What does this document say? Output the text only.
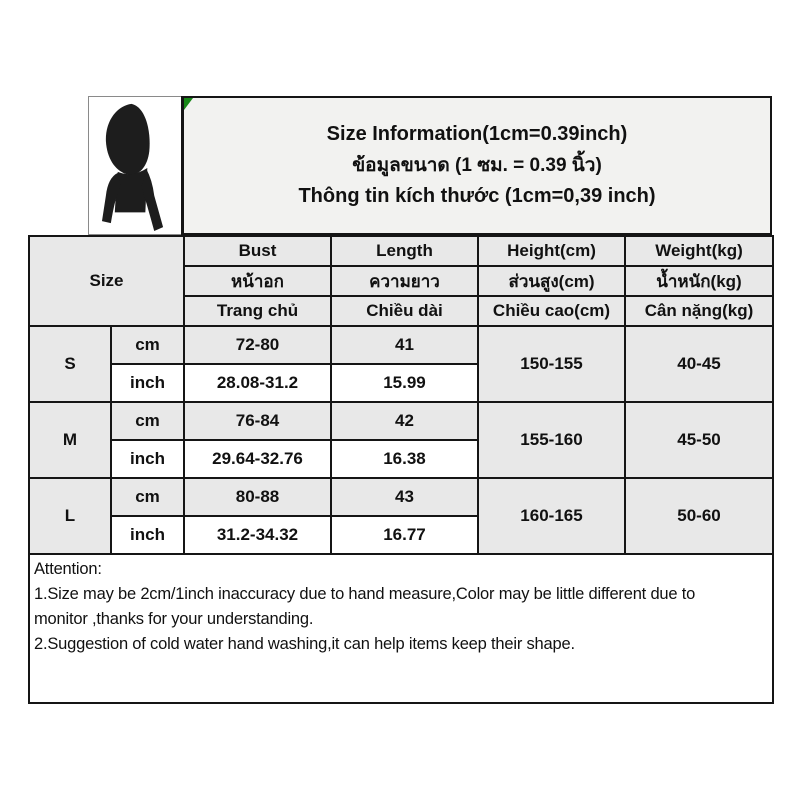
Size Information(1cm=0.39inch)
ข้อมูลขนาด (1 ซม. = 0.39 นิ้ว)
Thông tin kích thước (1cm=0,39 inch)
Size		Bust	Length	Height(cm)	Weight(kg)
		หน้าอก	ความยาว	ส่วนสูง(cm)	น้ำหนัก(kg)
		Trang chủ	Chiều dài	Chiều cao(cm)	Cân nặng(kg)
S	cm	72-80	41	150-155	40-45
	inch	28.08-31.2	15.99		
M	cm	76-84	42	155-160	45-50
	inch	29.64-32.76	16.38		
L	cm	80-88	43	160-165	50-60
	inch	31.2-34.32	16.77		

Attention:
1.Size may be 2cm/1inch inaccuracy due to hand measure,Color may be little different due to monitor ,thanks for your understanding.
2.Suggestion of cold water hand washing,it can help items keep their shape.					
